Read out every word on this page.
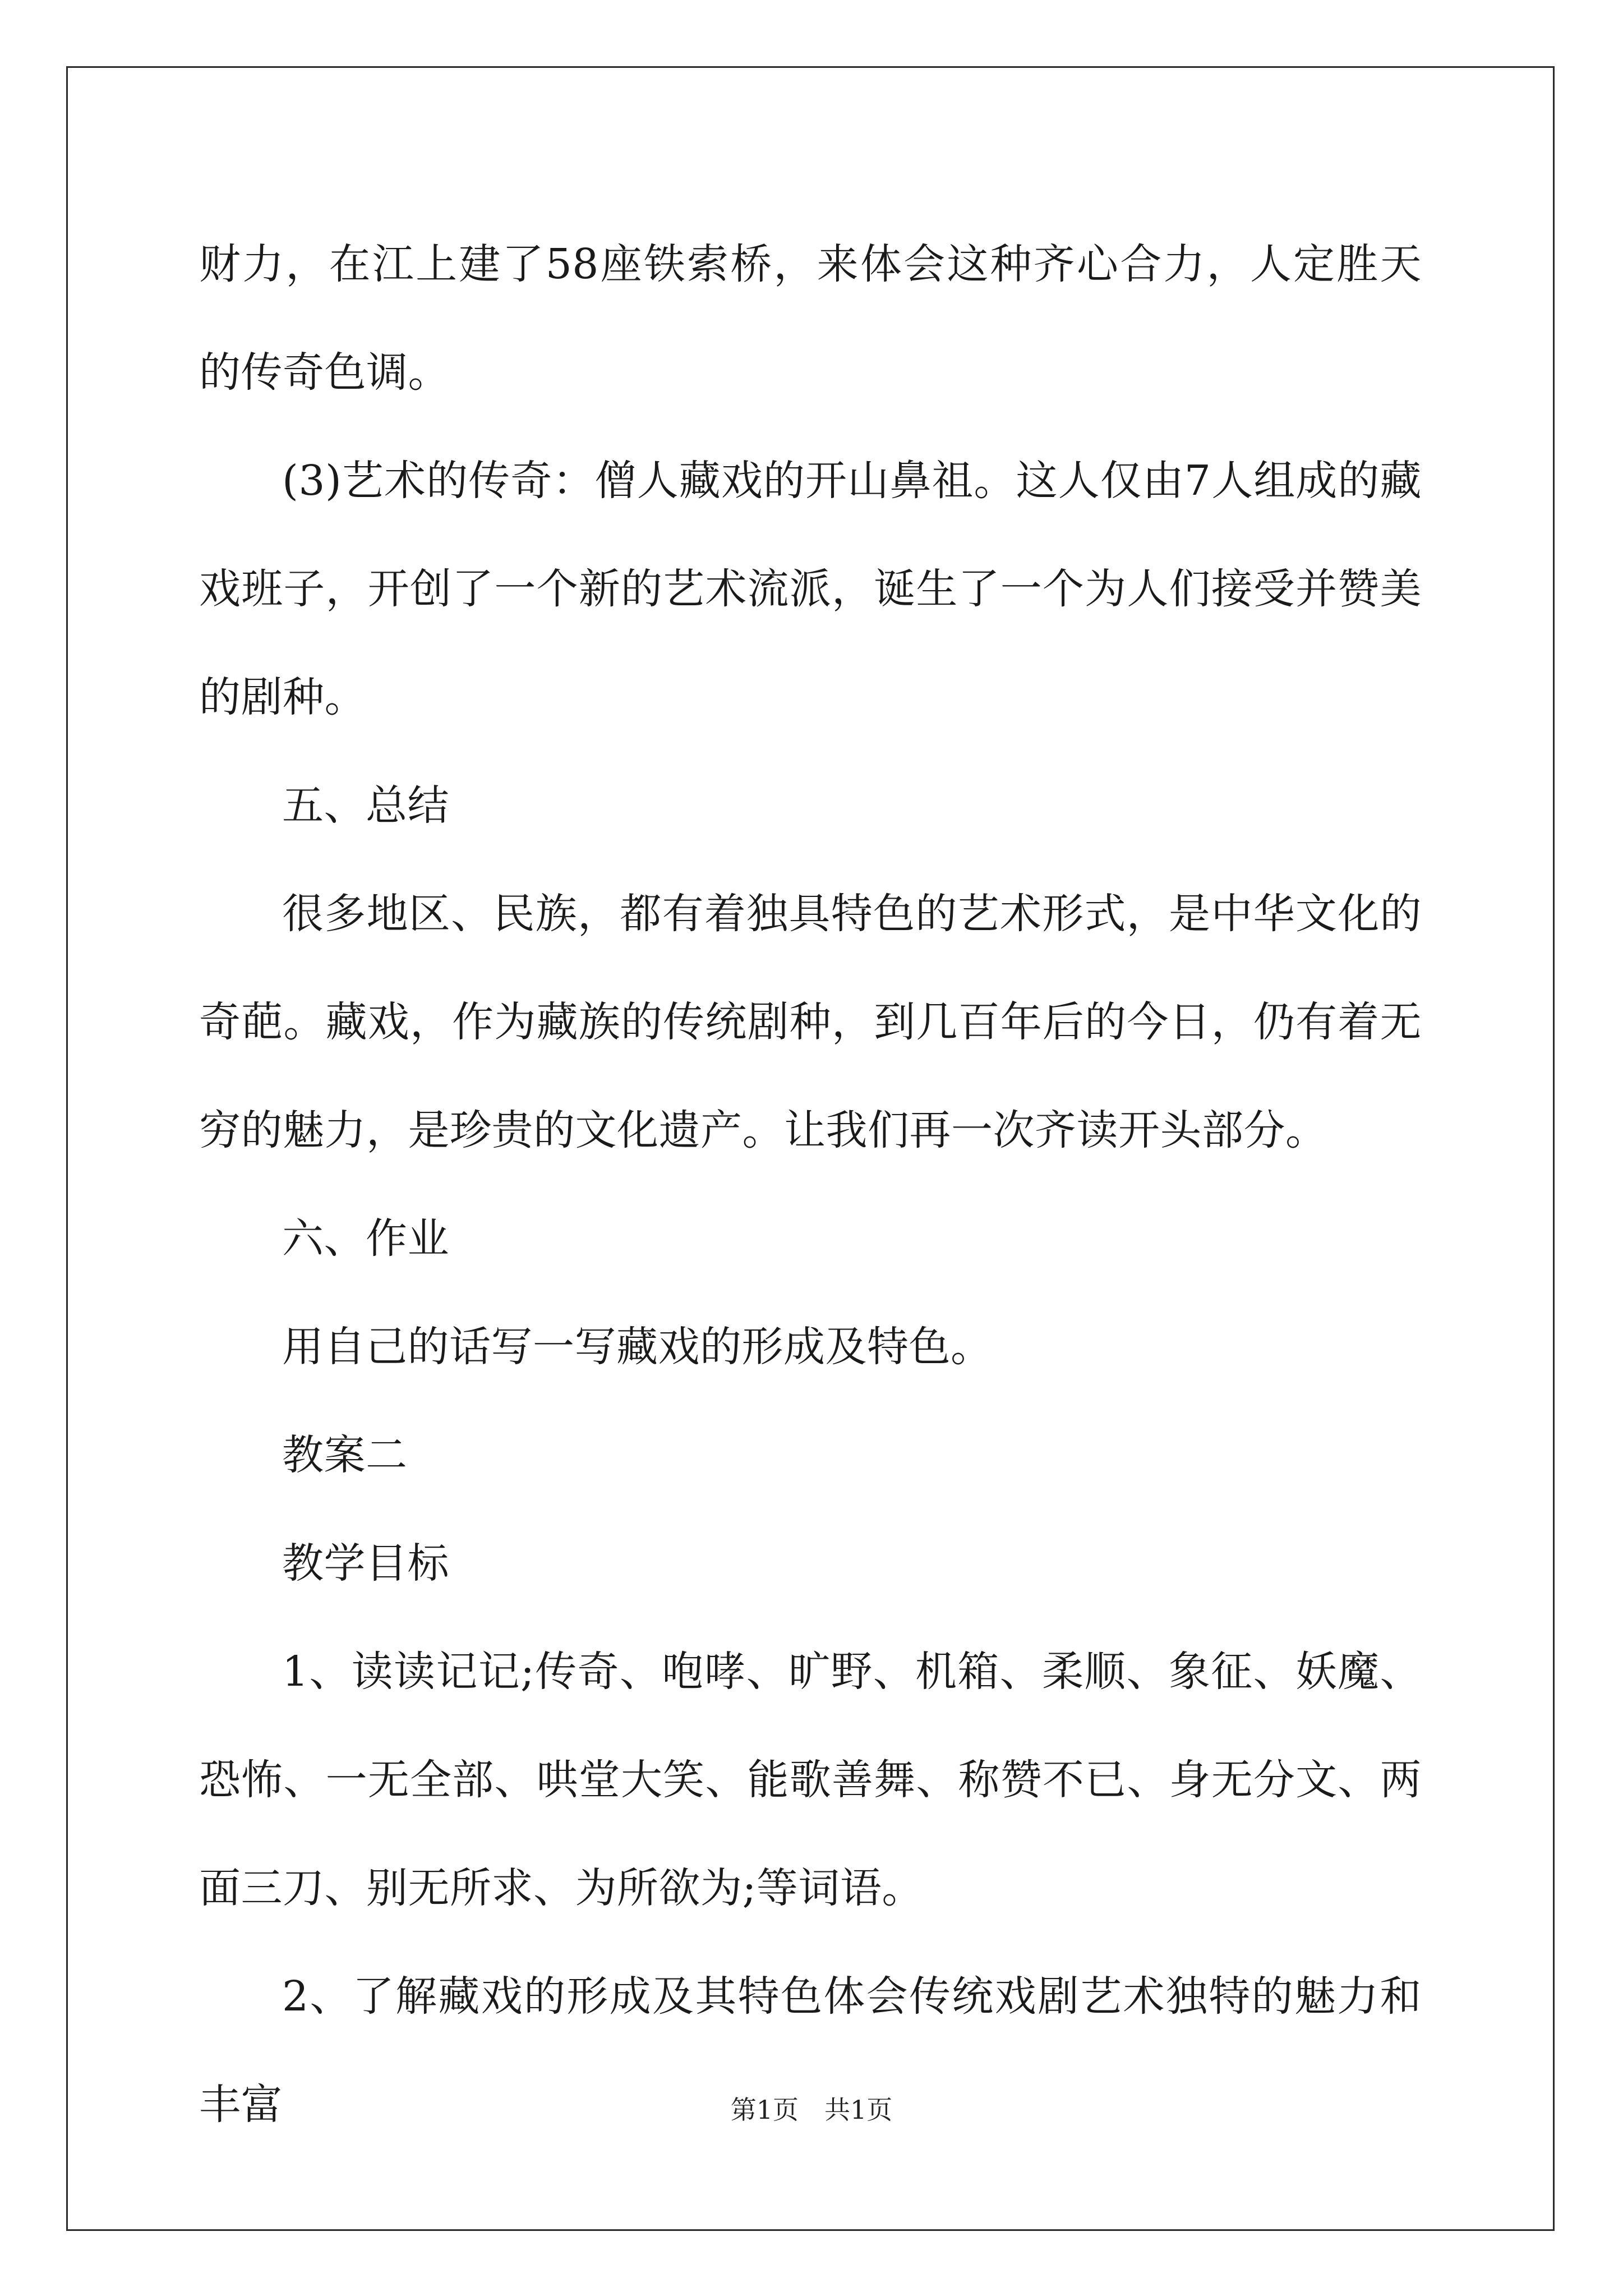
财力，在江上建了58座铁索桥，来体会这种齐心合力，人定胜天的传奇色调。

(3)艺术的传奇：僧人藏戏的开山鼻祖。这人仅由7人组成的藏戏班子，开创了一个新的艺术流派，诞生了一个为人们接受并赞美的剧种。

五、总结

很多地区、民族，都有着独具特色的艺术形式，是中华文化的奇葩。藏戏，作为藏族的传统剧种，到几百年后的今日，仍有着无穷的魅力，是珍贵的文化遗产。让我们再一次齐读开头部分。

六、作业

用自己的话写一写藏戏的形成及特色。

教案二

教学目标

1、读读记记;传奇、咆哮、旷野、机箱、柔顺、象征、妖魔、恐怖、一无全部、哄堂大笑、能歌善舞、称赞不已、身无分文、两面三刀、别无所求、为所欲为;等词语。

2、了解藏戏的形成及其特色体会传统戏剧艺术独特的魅力和丰富	第1页　共1页
